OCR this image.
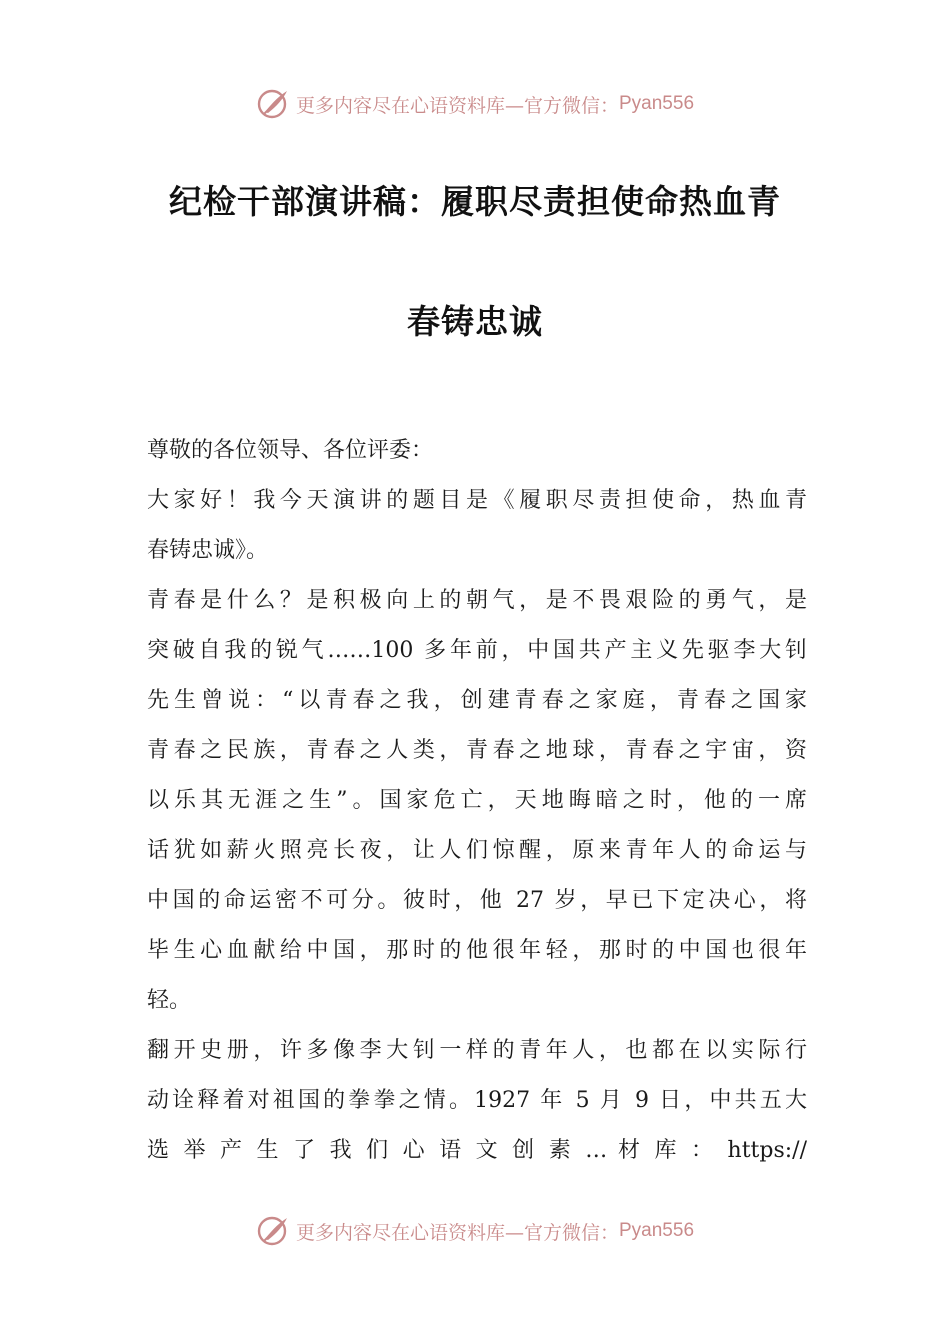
更多内容尽在心语资料库—官方微信： Pyan556
纪检干部演讲稿：履职尽责担使命热血青
春铸忠诚
尊敬的各位领导、各位评委：
大家好！我今天演讲的题目是《履职尽责担使命，热血青
春铸忠诚》。
青春是什么？是积极向上的朝气，是不畏艰险的勇气，是
突破自我的锐气……100 多年前，中国共产主义先驱李大钊
先生曾说：“以青春之我，创建青春之家庭，青春之国家
青春之民族，青春之人类，青春之地球，青春之宇宙，资
以乐其无涯之生”。国家危亡，天地晦暗之时，他的一席
话犹如薪火照亮长夜，让人们惊醒，原来青年人的命运与
中国的命运密不可分。彼时，他 27 岁，早已下定决心，将
毕生心血献给中国，那时的他很年轻，那时的中国也很年
轻。
翻开史册，许多像李大钊一样的青年人，也都在以实际行
动诠释着对祖国的拳拳之情。1927 年 5 月 9 日，中共五大
选 举 产 生 了 我 们 心 语 文 创 素 … 材 库 ： https://
更多内容尽在心语资料库—官方微信： Pyan556
